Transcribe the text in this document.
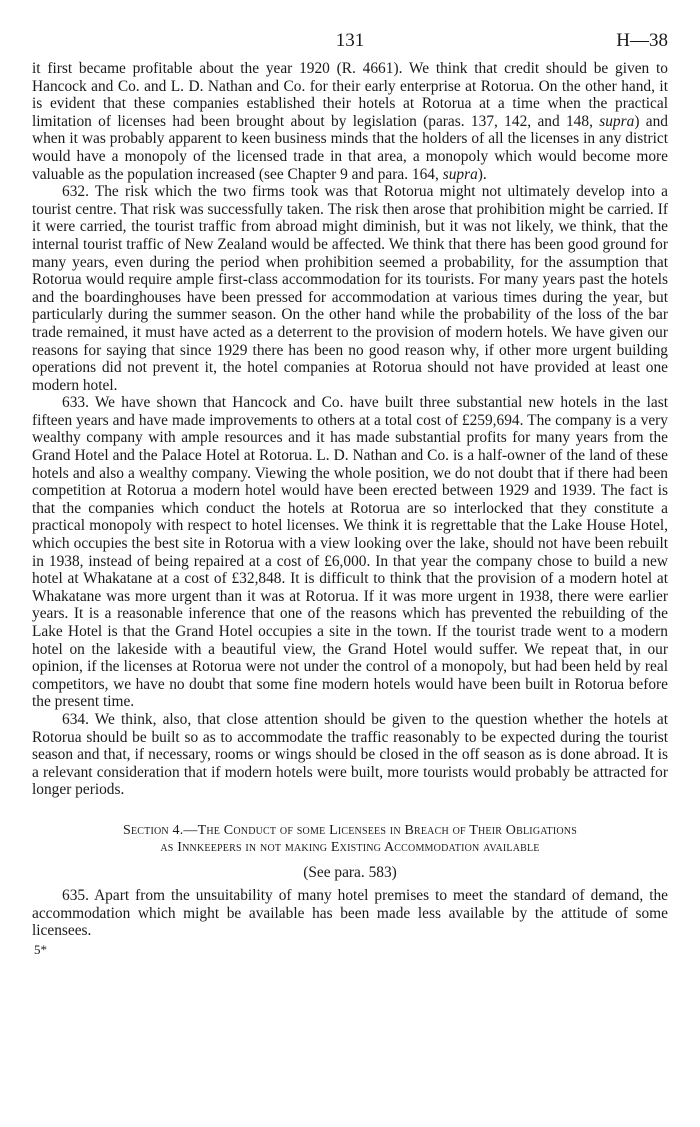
131	H—38

it first became profitable about the year 1920 (R. 4661). We think that credit should be given to Hancock and Co. and L. D. Nathan and Co. for their early enterprise at Rotorua. On the other hand, it is evident that these companies established their hotels at Rotorua at a time when the practical limitation of licenses had been brought about by legislation (paras. 137, 142, and 148, supra) and when it was probably apparent to keen business minds that the holders of all the licenses in any district would have a monopoly of the licensed trade in that area, a monopoly which would become more valuable as the population increased (see Chapter 9 and para. 164, supra).

632. The risk which the two firms took was that Rotorua might not ultimately develop into a tourist centre. That risk was successfully taken. The risk then arose that prohibition might be carried. If it were carried, the tourist traffic from abroad might diminish, but it was not likely, we think, that the internal tourist traffic of New Zealand would be affected. We think that there has been good ground for many years, even during the period when prohibition seemed a probability, for the assumption that Rotorua would require ample first-class accommodation for its tourists. For many years past the hotels and the boardinghouses have been pressed for accommodation at various times during the year, but particularly during the summer season. On the other hand while the probability of the loss of the bar trade remained, it must have acted as a deterrent to the provision of modern hotels. We have given our reasons for saying that since 1929 there has been no good reason why, if other more urgent building operations did not prevent it, the hotel companies at Rotorua should not have provided at least one modern hotel.

633. We have shown that Hancock and Co. have built three substantial new hotels in the last fifteen years and have made improvements to others at a total cost of £259,694. The company is a very wealthy company with ample resources and it has made substantial profits for many years from the Grand Hotel and the Palace Hotel at Rotorua. L. D. Nathan and Co. is a half-owner of the land of these hotels and also a wealthy company. Viewing the whole position, we do not doubt that if there had been competition at Rotorua a modern hotel would have been erected between 1929 and 1939. The fact is that the companies which conduct the hotels at Rotorua are so interlocked that they constitute a practical monopoly with respect to hotel licenses. We think it is regrettable that the Lake House Hotel, which occupies the best site in Rotorua with a view looking over the lake, should not have been rebuilt in 1938, instead of being repaired at a cost of £6,000. In that year the company chose to build a new hotel at Whakatane at a cost of £32,848. It is difficult to think that the provision of a modern hotel at Whakatane was more urgent than it was at Rotorua. If it was more urgent in 1938, there were earlier years. It is a reasonable inference that one of the reasons which has prevented the rebuilding of the Lake Hotel is that the Grand Hotel occupies a site in the town. If the tourist trade went to a modern hotel on the lakeside with a beautiful view, the Grand Hotel would suffer. We repeat that, in our opinion, if the licenses at Rotorua were not under the control of a monopoly, but had been held by real competitors, we have no doubt that some fine modern hotels would have been built in Rotorua before the present time.

634. We think, also, that close attention should be given to the question whether the hotels at Rotorua should be built so as to accommodate the traffic reasonably to be expected during the tourist season and that, if necessary, rooms or wings should be closed in the off season as is done abroad. It is a relevant consideration that if modern hotels were built, more tourists would probably be attracted for longer periods.

Section 4.—The Conduct of some Licensees in Breach of Their Obligations
as Innkeepers in not making Existing Accommodation available
(See para. 583)

635. Apart from the unsuitability of many hotel premises to meet the standard of demand, the accommodation which might be available has been made less available by the attitude of some licensees.

5*
